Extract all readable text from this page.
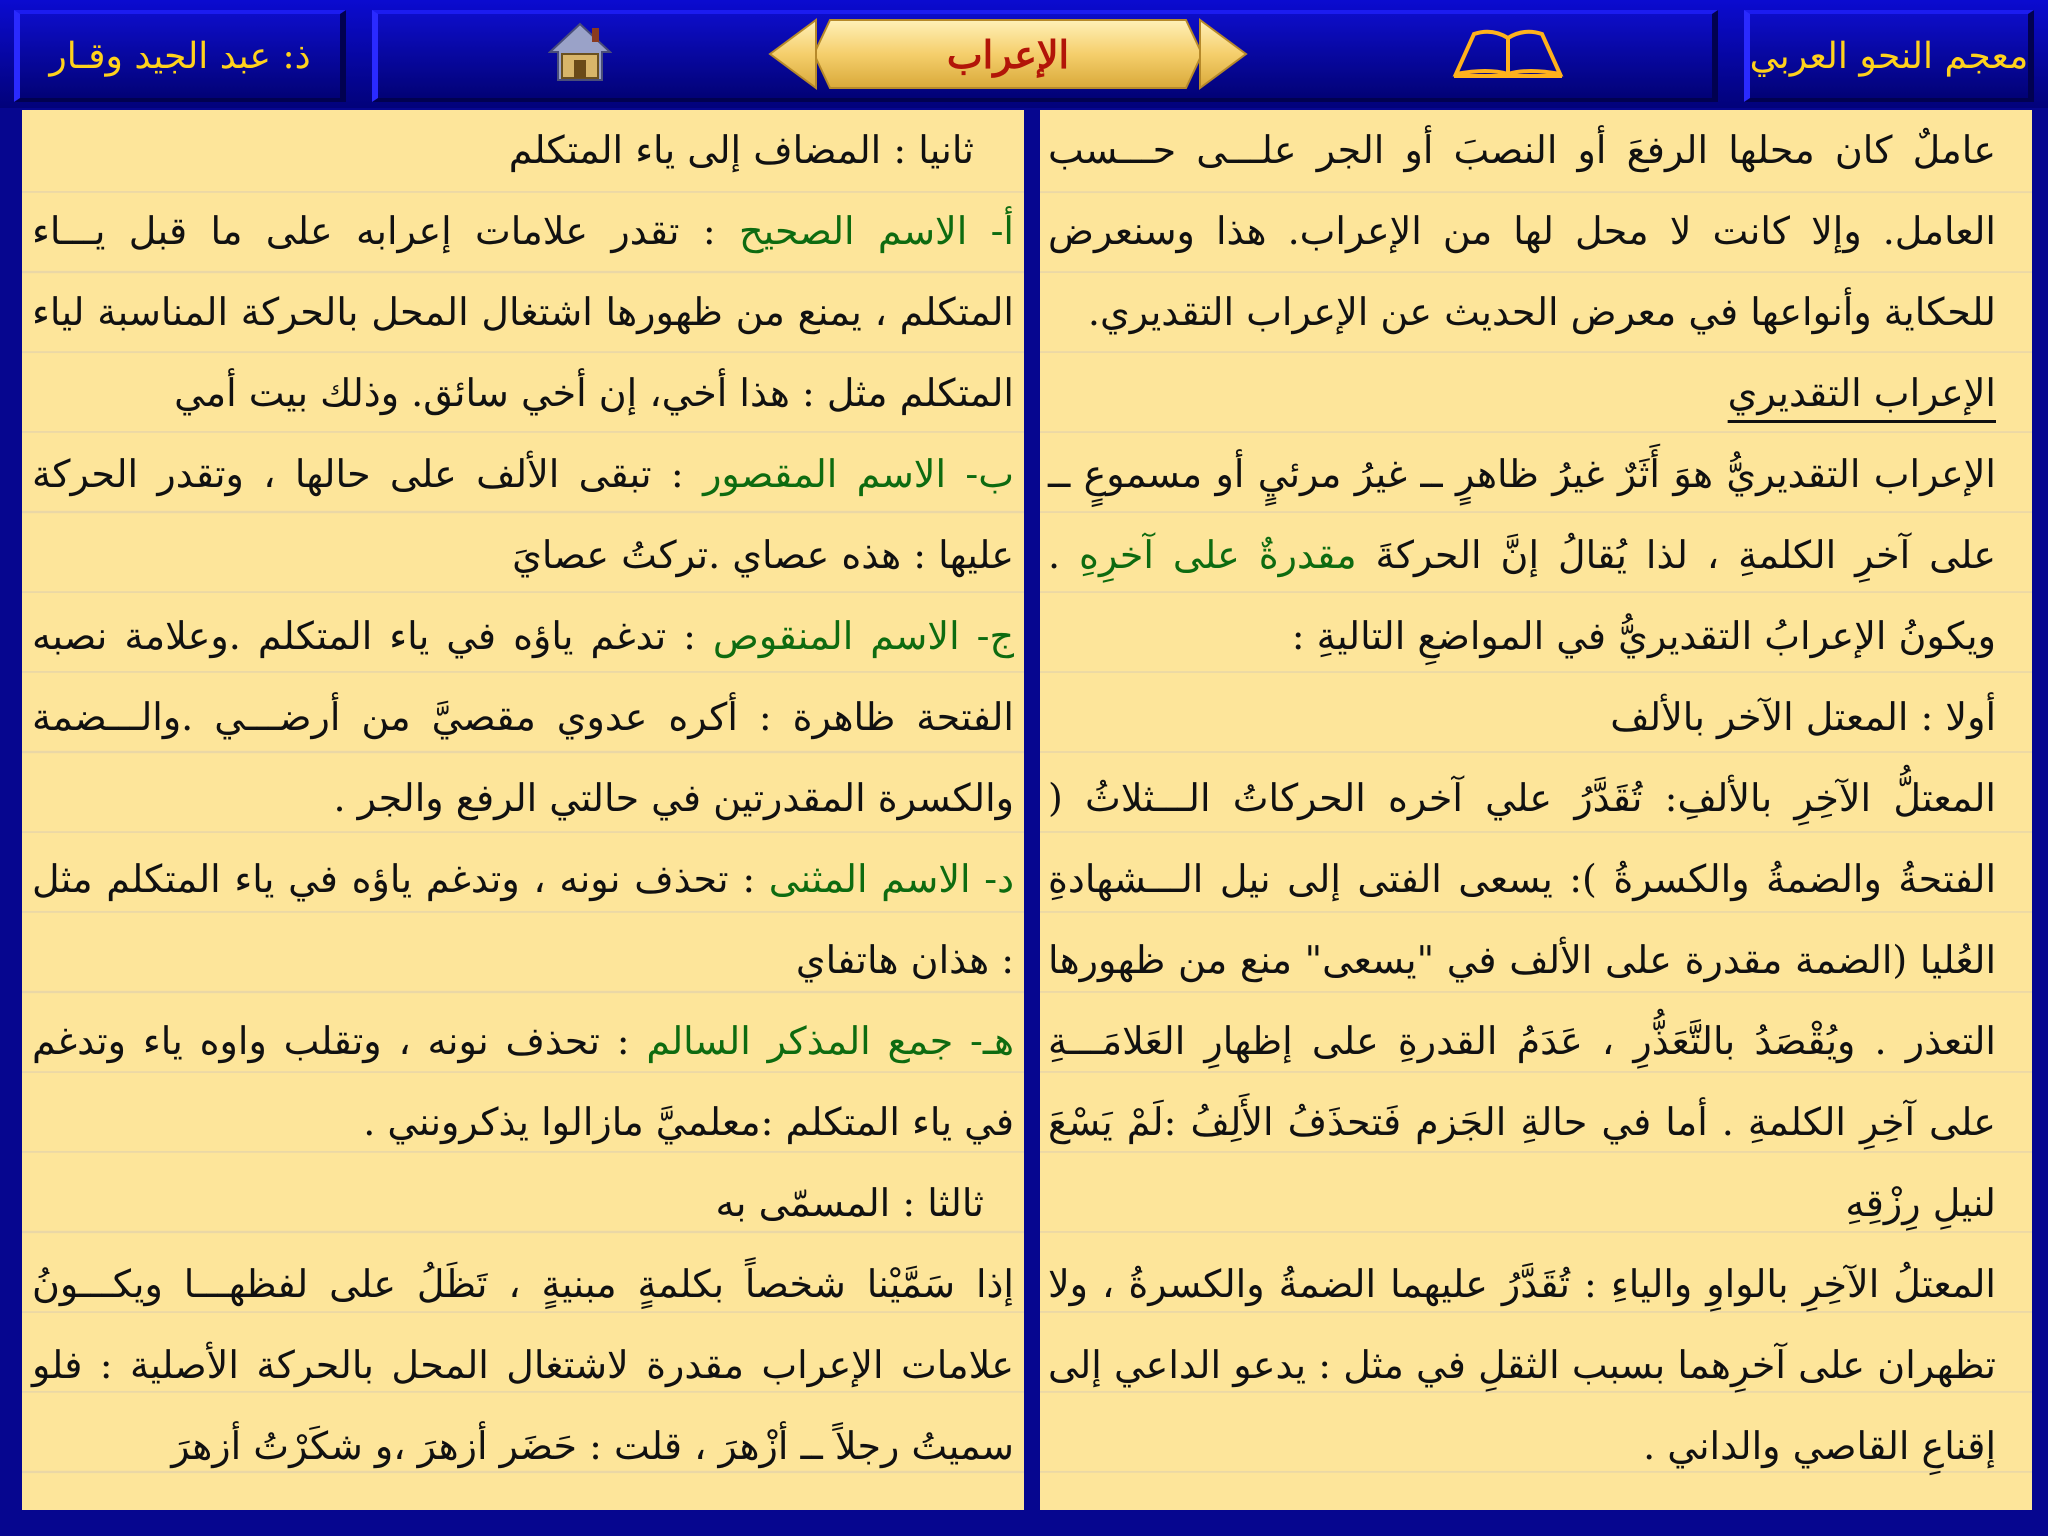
ذ: عبد الجيد وقـار	الإعراب	معجم النحو العربي

عاملٌ كان محلها الرفعَ أو النصبَ أو الجر علـــى حـــسب العامل. وإلا كانت لا محل لها من الإعراب. هذا وسنعرض للحكاية وأنواعها في معرض الحديث عن الإعراب التقديري.

الإعراب التقديري

الإعراب التقديريُّ هوَ أَثَرٌ غيرُ ظاهرٍ ــ غيرُ مرئيٍ أو مسموعٍ ــ على آخرِ الكلمةِ ، لذا يُقالُ إنَّ الحركةَ مقدرةٌ على آخرِهِ . ويكونُ الإعرابُ التقديريُّ في المواضعِ التاليةِ :

أولا : المعتل الآخر بالألف

المعتلُّ الآخِرِ بالألفِ: تُقَدَّرُ علي آخره الحركاتُ الـــثلاثُ ( الفتحةُ والضمةُ والكسرةُ ): يسعى الفتى إلى نيل الـــشهادةِ العُليا (الضمة مقدرة على الألف في "يسعى" منع من ظهورها التعذر . ويُقْصَدُ بالتَّعَذُّرِ ، عَدَمُ القدرةِ على إظهارِ العَلامَـــةِ على آخِرِ الكلمةِ . أما في حالةِ الجَزم فَتحذَفُ الأَلِفُ :لَمْ يَسْعَ لنيلِ رِزْقِهِ

المعتلُ الآخِرِ بالواوِ والياءِ : تُقَدَّرُ عليهما الضمةُ والكسرةُ ، ولا تظهران على آخرِهما بسبب الثقلِ في مثل : يدعو الداعي إلى إقناعِ القاصي والداني .

ثانيا : المضاف إلى ياء المتكلم

أ- الاسم الصحيح : تقدر علامات إعرابه على ما قبل يـــاء المتكلم ، يمنع من ظهورها اشتغال المحل بالحركة المناسبة لياء المتكلم مثل : هذا أخي، إن أخي سائق. وذلك بيت أمي

ب- الاسم المقصور : تبقى الألف على حالها ، وتقدر الحركة عليها : هذه عصاي .تركتُ عصايَ

ج- الاسم المنقوص : تدغم ياؤه في ياء المتكلم .وعلامة نصبه الفتحة ظاهرة : أكره عدوي مقصيَّ من أرضـــي .والـــضمة والكسرة المقدرتين في حالتي الرفع والجر .

د- الاسم المثنى : تحذف نونه ، وتدغم ياؤه في ياء المتكلم مثل : هذان هاتفاي

هـ- جمع المذكر السالم : تحذف نونه ، وتقلب واوه ياء وتدغم في ياء المتكلم :معلميَّ مازالوا يذكرونني .

ثالثا : المسمّى به

إذا سَمَّيْنا شخصاً بكلمةٍ مبنيةٍ ، تَظَلُ على لفظهـــا ويكـــونُ علامات الإعراب مقدرة لاشتغال المحل بالحركة الأصلية : فلو سميتُ رجلاً ــ أزْهرَ ، قلت : حَضَر أزهرَ ،و شكَرْتُ أزهرَ
